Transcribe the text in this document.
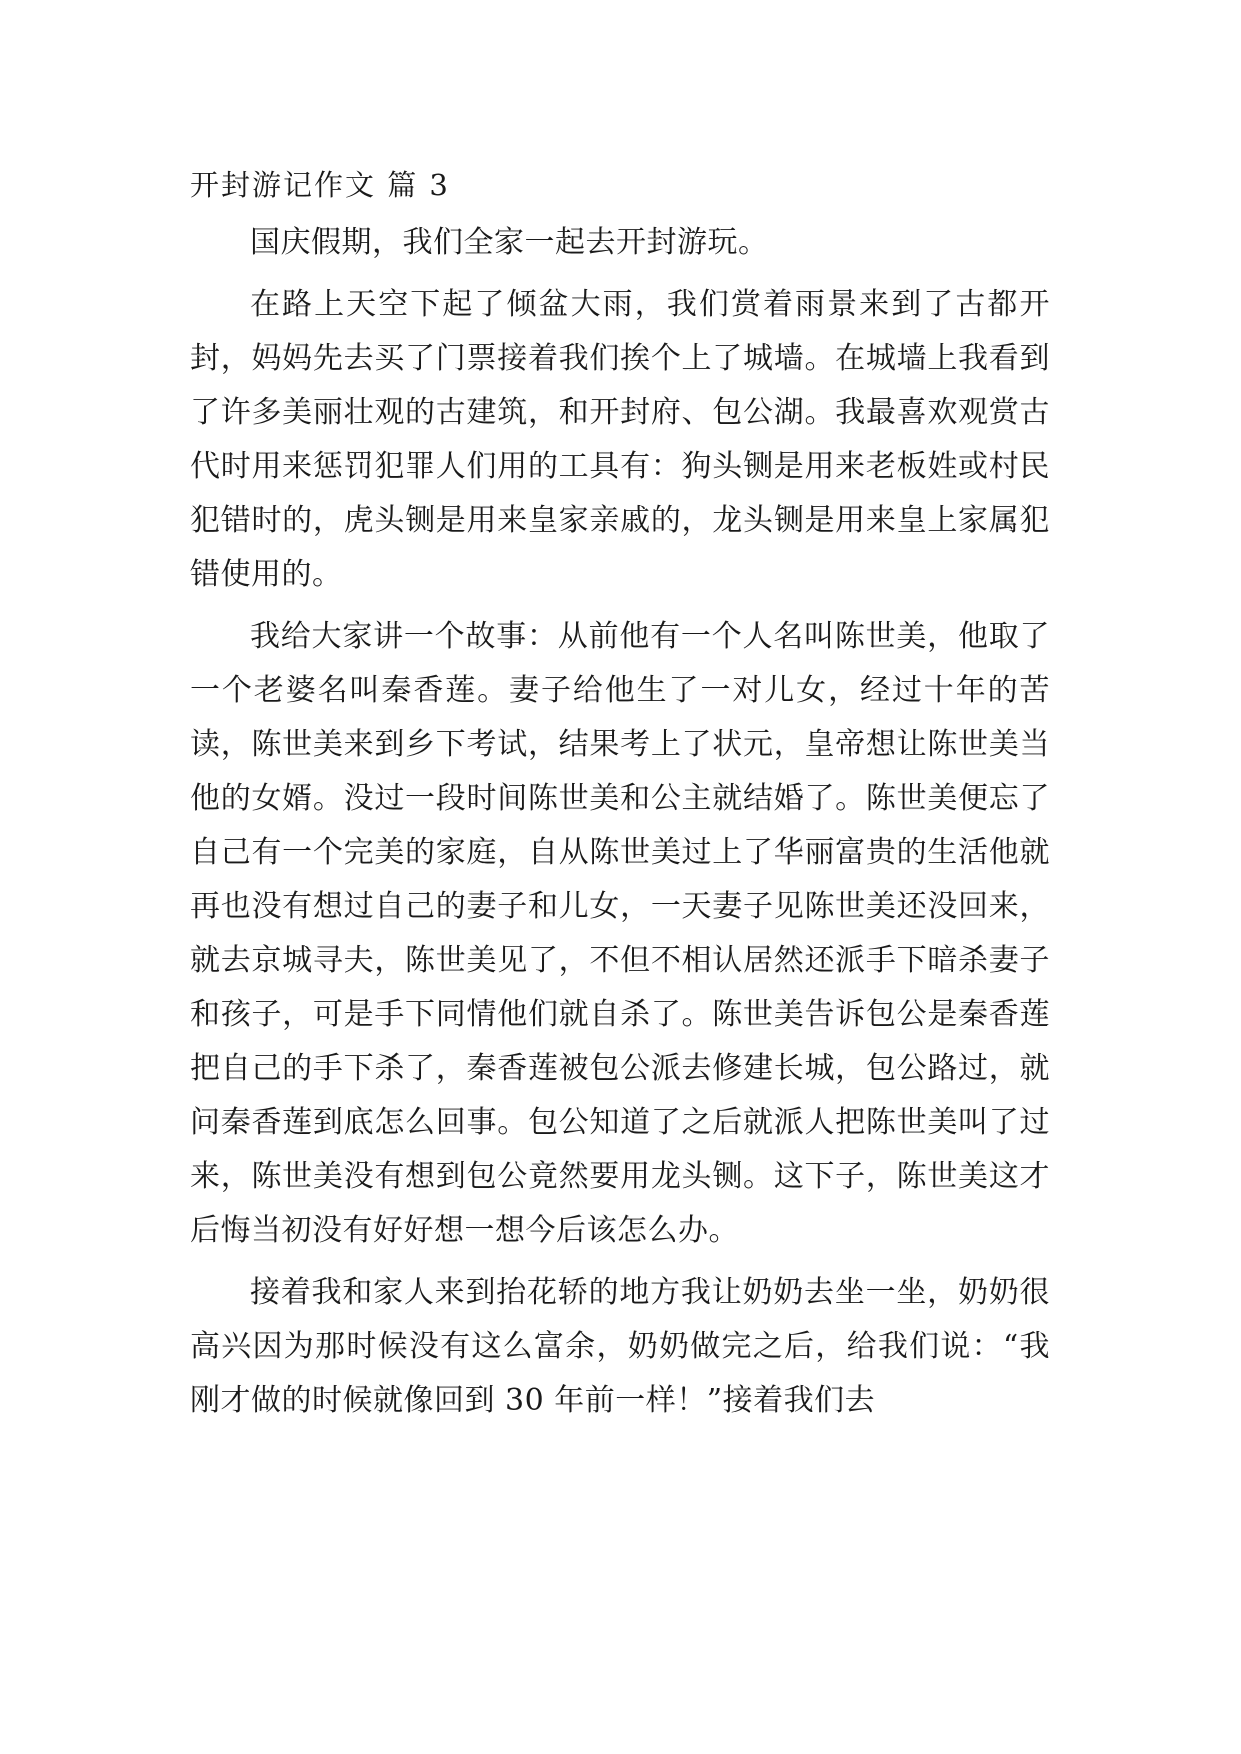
开封游记作文 篇 3

国庆假期，我们全家一起去开封游玩。

在路上天空下起了倾盆大雨，我们赏着雨景来到了古都开封，妈妈先去买了门票接着我们挨个上了城墙。在城墙上我看到了许多美丽壮观的古建筑，和开封府、包公湖。我最喜欢观赏古代时用来惩罚犯罪人们用的工具有：狗头铡是用来老板姓或村民犯错时的，虎头铡是用来皇家亲戚的，龙头铡是用来皇上家属犯错使用的。

我给大家讲一个故事：从前他有一个人名叫陈世美，他取了一个老婆名叫秦香莲。妻子给他生了一对儿女，经过十年的苦读，陈世美来到乡下考试，结果考上了状元，皇帝想让陈世美当他的女婿。没过一段时间陈世美和公主就结婚了。陈世美便忘了自己有一个完美的家庭，自从陈世美过上了华丽富贵的生活他就再也没有想过自己的妻子和儿女，一天妻子见陈世美还没回来，就去京城寻夫，陈世美见了，不但不相认居然还派手下暗杀妻子和孩子，可是手下同情他们就自杀了。陈世美告诉包公是秦香莲把自己的手下杀了，秦香莲被包公派去修建长城，包公路过，就问秦香莲到底怎么回事。包公知道了之后就派人把陈世美叫了过来，陈世美没有想到包公竟然要用龙头铡。这下子，陈世美这才后悔当初没有好好想一想今后该怎么办。

接着我和家人来到抬花轿的地方我让奶奶去坐一坐，奶奶很高兴因为那时候没有这么富余，奶奶做完之后，给我们说：“我刚才做的时候就像回到 30 年前一样！”接着我们去
